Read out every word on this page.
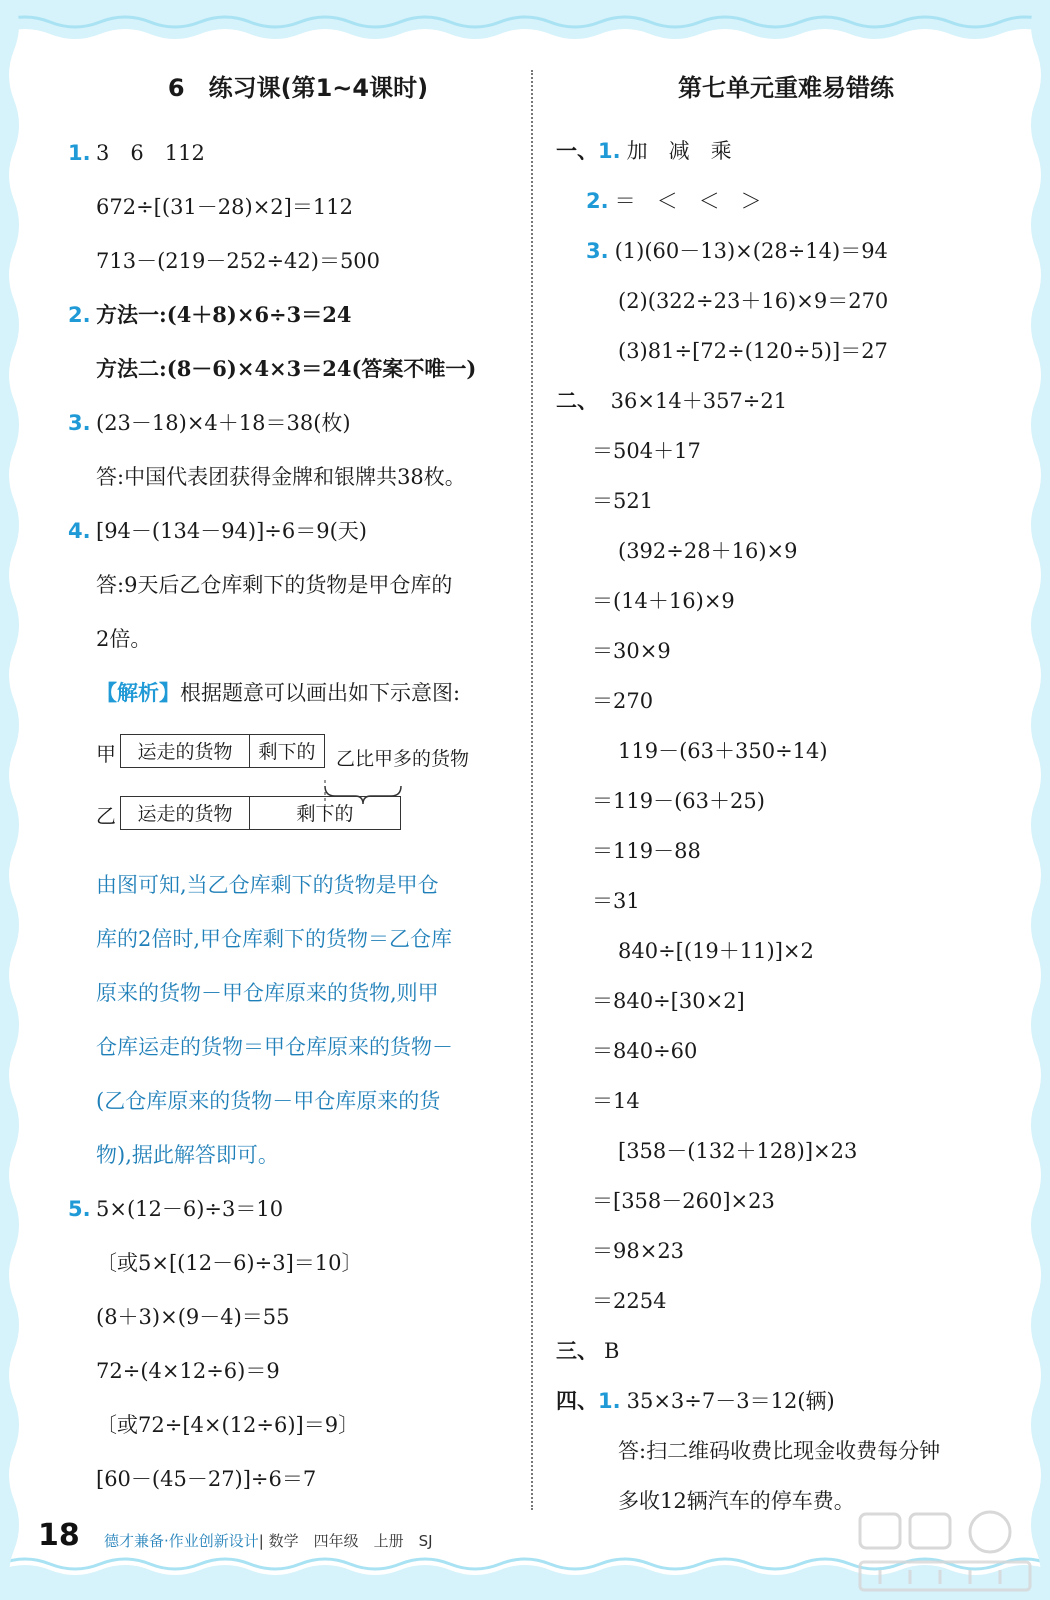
6　练习课(第1~4课时)
1. 3　6　112
672÷[(31－28)×2]＝112
713－(219－252÷42)＝500
2. 方法一:(4＋8)×6÷3＝24
方法二:(8－6)×4×3＝24(答案不唯一)
3. (23－18)×4＋18＝38(枚)
答:中国代表团获得金牌和银牌共38枚。
4. [94－(134－94)]÷6＝9(天)
答:9天后乙仓库剩下的货物是甲仓库的
2倍。
【解析】根据题意可以画出如下示意图:
甲	运走的货物	剩下的	乙比甲多的货物
乙	运走的货物	剩下的
由图可知,当乙仓库剩下的货物是甲仓
库的2倍时,甲仓库剩下的货物＝乙仓库
原来的货物－甲仓库原来的货物,则甲
仓库运走的货物＝甲仓库原来的货物－
(乙仓库原来的货物－甲仓库原来的货
物),据此解答即可。
5. 5×(12－6)÷3＝10
〔或5×[(12－6)÷3]＝10〕
(8＋3)×(9－4)＝55
72÷(4×12÷6)＝9
〔或72÷[4×(12÷6)]＝9〕
[60－(45－27)]÷6＝7
第七单元重难易错练
一、1. 加　减　乘
2. ＝　＜　＜　＞
3. (1)(60－13)×(28÷14)＝94
(2)(322÷23＋16)×9＝270
(3)81÷[72÷(120÷5)]＝27
二、 36×14＋357÷21
＝504＋17
＝521
(392÷28＋16)×9
＝(14＋16)×9
＝30×9
＝270
119－(63＋350÷14)
＝119－(63＋25)
＝119－88
＝31
840÷[(19＋11)]×2
＝840÷[30×2]
＝840÷60
＝14
[358－(132＋128)]×23
＝[358－260]×23
＝98×23
＝2254
三、 B
四、1. 35×3÷7－3＝12(辆)
答:扫二维码收费比现金收费每分钟
多收12辆汽车的停车费。
18 德才兼备·作业创新设计| 数学　四年级　上册　SJ
